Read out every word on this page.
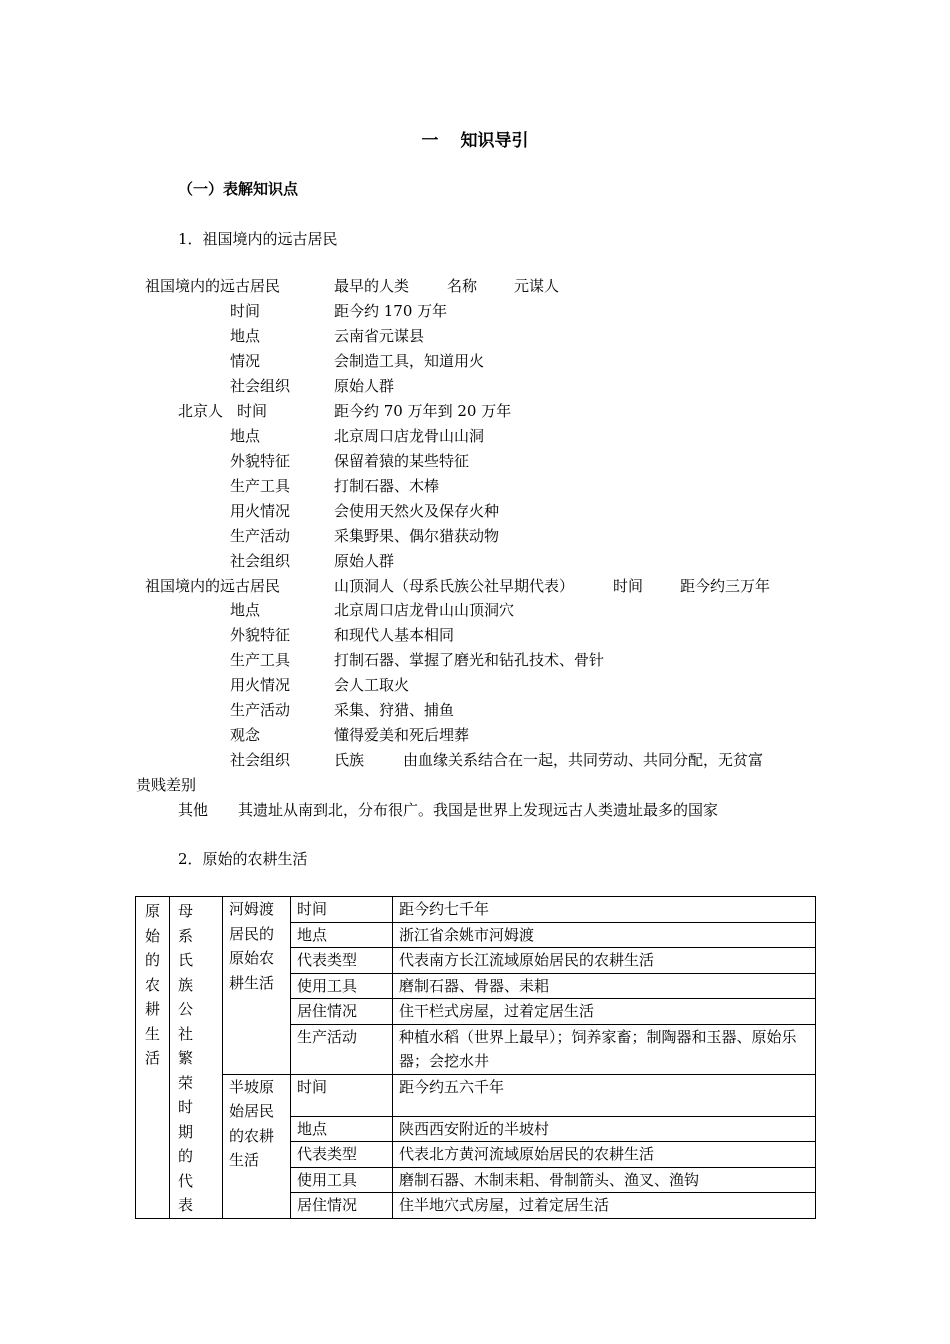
一 知识导引
（一）表解知识点
1．祖国境内的远古居民
祖国境内的远古居民	最早的人类	名称 元谋人
时间	距今约 170 万年
地点	云南省元谋县
情况	会制造工具，知道用火
社会组织	原始人群
北京人 时间	距今约 70 万年到 20 万年
地点	北京周口店龙骨山山洞
外貌特征	保留着猿的某些特征
生产工具	打制石器、木棒
用火情况	会使用天然火及保存火种
生产活动	采集野果、偶尔猎获动物
社会组织	原始人群
祖国境内的远古居民	山顶洞人（母系氏族公社早期代表）	时间 距今约三万年
地点	北京周口店龙骨山山顶洞穴
外貌特征	和现代人基本相同
生产工具	打制石器、掌握了磨光和钻孔技术、骨针
用火情况	会人工取火
生产活动	采集、狩猎、捕鱼
观念	懂得爱美和死后埋葬
社会组织	氏族	由血缘关系结合在一起，共同劳动、共同分配，无贫富
贵贱差别
其他 其遗址从南到北，分布很广。我国是世界上发现远古人类遗址最多的国家
2．原始的农耕生活
原始的农耕生活	母系氏族公社繁荣时期的代表	河姆渡居民的原始农耕生活	时间	距今约七千年
			地点	浙江省余姚市河姆渡
			代表类型	代表南方长江流域原始居民的农耕生活
			使用工具	磨制石器、骨器、耒耜
			居住情况	住干栏式房屋，过着定居生活
			生产活动	种植水稻（世界上最早）；饲养家畜；制陶器和玉器、原始乐器；会挖水井

		半坡原始居民的农耕生活	时间	距今约五六千年
			地点	陕西西安附近的半坡村
			代表类型	代表北方黄河流域原始居民的农耕生活
			使用工具	磨制石器、木制耒耜、骨制箭头、渔叉、渔钩
			居住情况	住半地穴式房屋，过着定居生活
